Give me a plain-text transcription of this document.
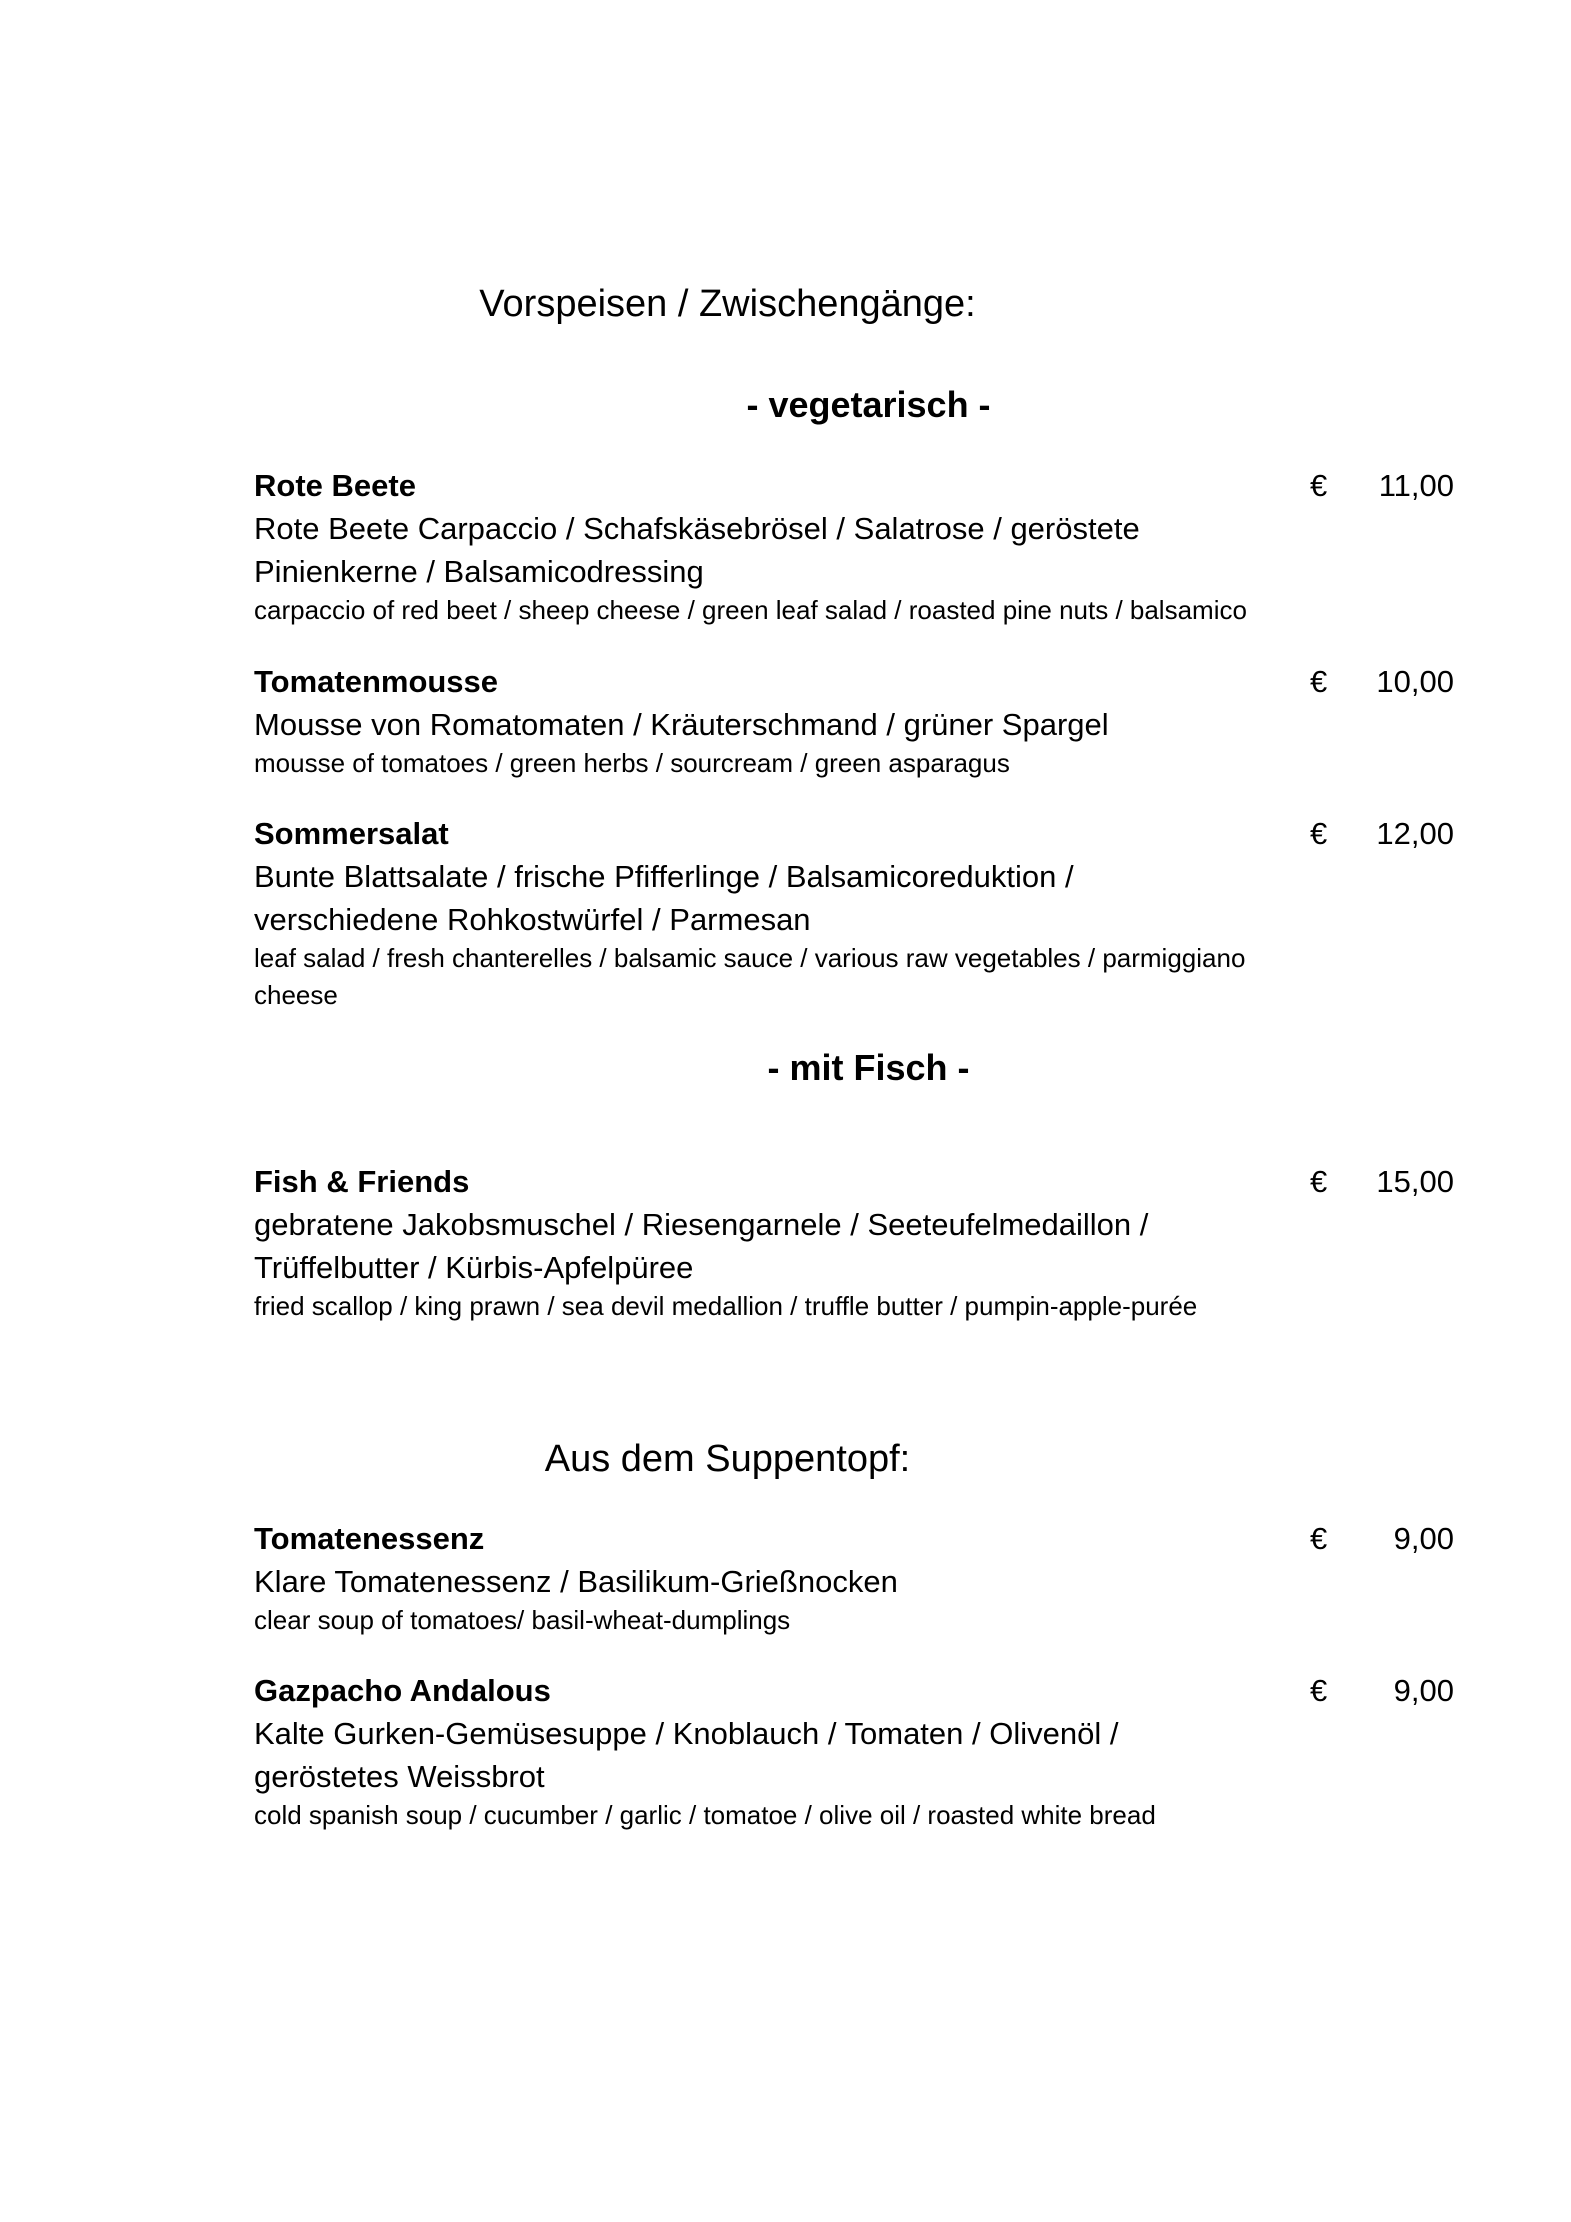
Vorspeisen / Zwischengänge:
- vegetarisch -

Rote Beete

Rote Beete Carpaccio / Schafskäsebrösel / Salatrose / geröstete Pinienkerne / Balsamicodressing

carpaccio of red beet / sheep cheese / green leaf salad / roasted pine nuts / balsamico

€ 11,00

Tomatenmousse

Mousse von Romatomaten / Kräuterschmand / grüner Spargel

mousse of tomatoes / green herbs / sourcream / green asparagus

€ 10,00

Sommersalat

Bunte Blattsalate / frische Pfifferlinge / Balsamicoreduktion / verschiedene Rohkostwürfel / Parmesan

leaf salad / fresh chanterelles / balsamic sauce / various raw vegetables / parmiggiano cheese

€ 12,00
- mit Fisch -

Fish & Friends

gebratene Jakobsmuschel / Riesengarnele / Seeteufelmedaillon / Trüffelbutter / Kürbis-Apfelpüree

fried scallop / king prawn / sea devil medallion / truffle butter / pumpin-apple-purée

€ 15,00
Aus dem Suppentopf:

Tomatenessenz

Klare Tomatenessenz / Basilikum-Grießnocken

clear soup of tomatoes/ basil-wheat-dumplings

€ 9,00

Gazpacho Andalous

Kalte Gurken-Gemüsesuppe / Knoblauch / Tomaten / Olivenöl / geröstetes Weissbrot

cold spanish soup / cucumber / garlic / tomatoe / olive oil / roasted white bread

€ 9,00
